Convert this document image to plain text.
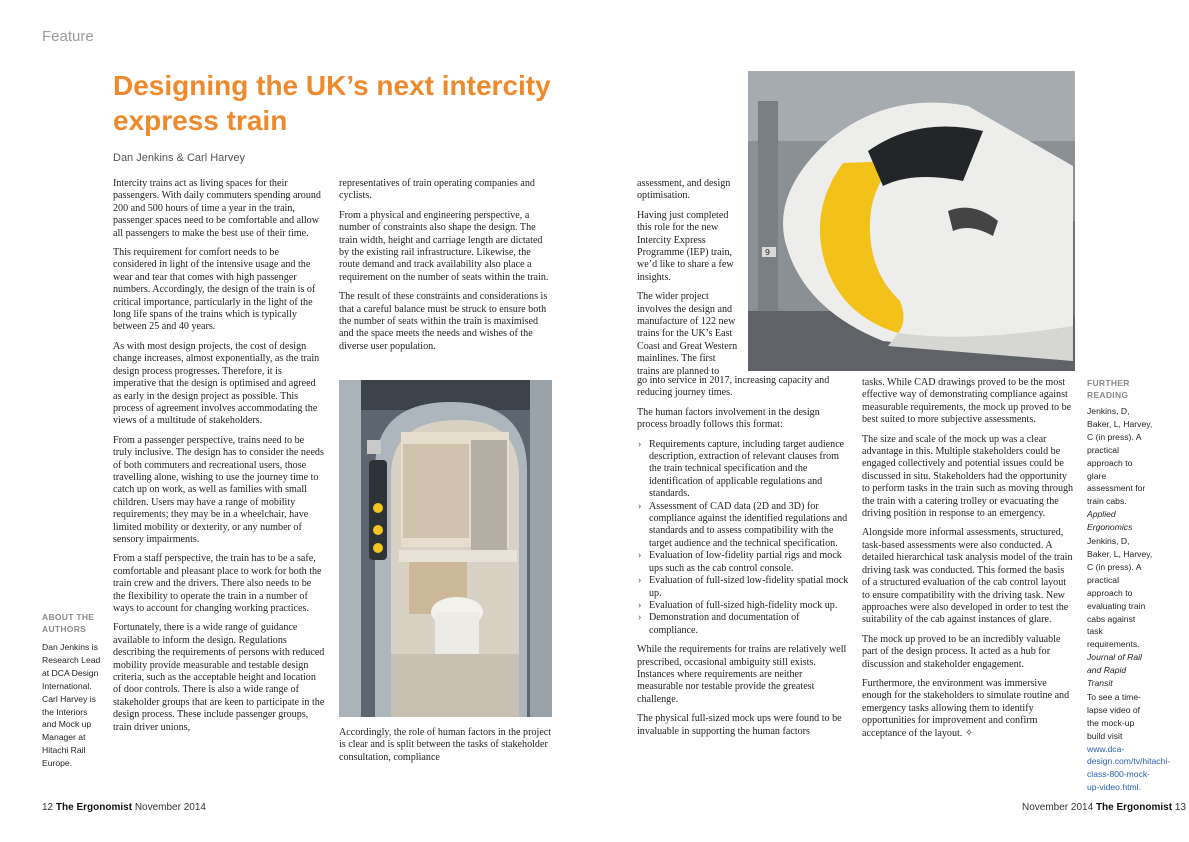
Feature
Designing the UK’s next intercity express train
Dan Jenkins & Carl Harvey

Intercity trains act as living spaces for their passengers. With daily commuters spending around 200 and 500 hours of time a year in the train, passenger spaces need to be comfortable and allow all passengers to make the best use of their time.

This requirement for comfort needs to be considered in light of the intensive usage and the wear and tear that comes with high passenger numbers. Accordingly, the design of the train is of critical importance, particularly in the light of the long life spans of the trains which is typically between 25 and 40 years.

As with most design projects, the cost of design change increases, almost exponentially, as the train design process progresses. Therefore, it is imperative that the design is optimised and agreed as early in the design project as possible. This process of agreement involves accommodating the views of a multitude of stakeholders.

From a passenger perspective, trains need to be truly inclusive. The design has to consider the needs of both commuters and recreational users, those travelling alone, wishing to use the journey time to catch up on work, as well as families with small children. Users may have a range of mobility requirements; they may be in a wheelchair, have limited mobility or dexterity, or any number of sensory impairments.

From a staff perspective, the train has to be a safe, comfortable and pleasant place to work for both the train crew and the drivers. There also needs to be the flexibility to operate the train in a number of ways to account for changing working practices.

Fortunately, there is a wide range of guidance available to inform the design. Regulations describing the requirements of persons with reduced mobility provide measurable and testable design criteria, such as the acceptable height and location of door controls. There is also a wide range of stakeholder groups that are keen to participate in the design process. These include passenger groups, train driver unions,

representatives of train operating companies and cyclists.

From a physical and engineering perspective, a number of constraints also shape the design. The train width, height and carriage length are dictated by the existing rail infrastructure. Likewise, the route demand and track availability also place a requirement on the number of seats within the train.

The result of these constraints and considerations is that a careful balance must be struck to ensure both the number of seats within the train is maximised and the space meets the needs and wishes of the diverse user population.

Accordingly, the role of human factors in the project is clear and is split between the tasks of stakeholder consultation, compliance

assessment, and design optimisation.

Having just completed this role for the new Intercity Express Programme (IEP) train, we’d like to share a few insights.

The wider project involves the design and manufacture of 122 new trains for the UK’s East Coast and Great Western mainlines. The first trains are planned to

9

go into service in 2017, increasing capacity and reducing journey times.

The human factors involvement in the design process broadly follows this format:

› Requirements capture, including target audience description, extraction of relevant clauses from the train technical specification and the identification of applicable regulations and standards.
› Assessment of CAD data (2D and 3D) for compliance against the identified regulations and standards and to assess compatibility with the target audience and the technical specification.
› Evaluation of low-fidelity partial rigs and mock ups such as the cab control console.
› Evaluation of full-sized low-fidelity spatial mock up.
› Evaluation of full-sized high-fidelity mock up.
› Demonstration and documentation of compliance.

While the requirements for trains are relatively well prescribed, occasional ambiguity still exists. Instances where requirements are neither measurable nor testable provide the greatest challenge.

The physical full-sized mock ups were found to be invaluable in supporting the human factors

tasks. While CAD drawings proved to be the most effective way of demonstrating compliance against measurable requirements, the mock up proved to be best suited to more subjective assessments.

The size and scale of the mock up was a clear advantage in this. Multiple stakeholders could be engaged collectively and potential issues could be discussed in situ. Stakeholders had the opportunity to perform tasks in the train such as moving through the train with a catering trolley or evacuating the driving position in response to an emergency.

Alongside more informal assessments, structured, task-based assessments were also conducted. A detailed hierarchical task analysis model of the train driving task was conducted. This formed the basis of a structured evaluation of the cab control layout to ensure compatibility with the driving task. New approaches were also developed in order to test the suitability of the cab against instances of glare.

The mock up proved to be an incredibly valuable part of the design process. It acted as a hub for discussion and stakeholder engagement.

Furthermore, the environment was immersive enough for the stakeholders to simulate routine and emergency tasks allowing them to identify opportunities for improvement and confirm acceptance of the layout. ✧

ABOUT THE AUTHORS
Dan Jenkins is Research Lead at DCA Design International. Carl Harvey is the Interiors and Mock up Manager at Hitachi Rail Europe.
FURTHER READING

Jenkins, D, Baker, L, Harvey, C (in press). A practical approach to glare assessment for train cabs. Applied Ergonomics

Jenkins, D, Baker, L, Harvey, C (in press). A practical approach to evaluating train cabs against task requirements. Journal of Rail and Rapid Transit

To see a time-lapse video of the mock-up build visit www.dca-design.com/tv/hitachi-class-800-mock-up-video.html.

12 The Ergonomist November 2014	November 2014 The Ergonomist 13
